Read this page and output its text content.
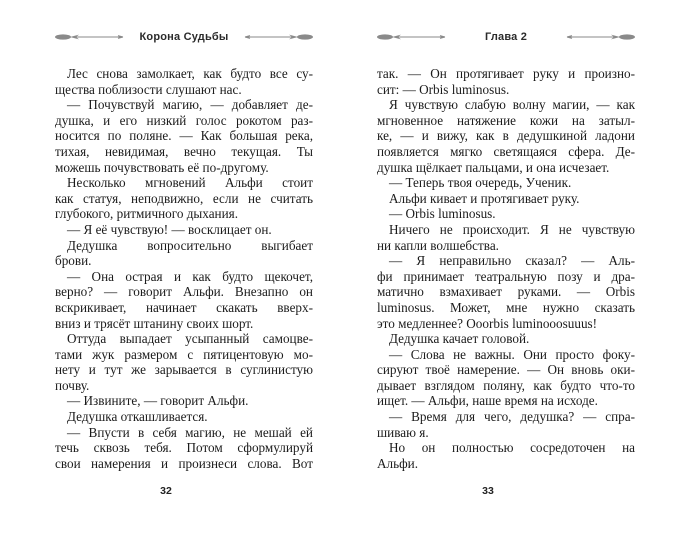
Корона Судьбы
Лес снова замолкает, как будто все су-
щества поблизости слушают нас.
— Почувствуй магию, — добавляет де-
душка, и его низкий голос рокотом раз-
носится по поляне. — Как большая река,
тихая, невидимая, вечно текущая. Ты
можешь почувствовать её по-другому.
Несколько мгновений Альфи стоит
как статуя, неподвижно, если не считать
глубокого, ритмичного дыхания.
— Я её чувствую! — восклицает он.
Дедушка вопросительно выгибает
брови.
— Она острая и как будто щекочет,
верно? — говорит Альфи. Внезапно он
вскрикивает, начинает скакать вверх-
вниз и трясёт штанину своих шорт.
Оттуда выпадает усыпанный самоцве-
тами жук размером с пятицентовую мо-
нету и тут же зарывается в суглинистую
почву.
— Извините, — говорит Альфи.
Дедушка откашливается.
— Впусти в себя магию, не мешай ей
течь сквозь тебя. Потом сформулируй
свои намерения и произнеси слова. Вот
32
Глава 2
так. — Он протягивает руку и произно-
сит: — Orbis luminosus.
Я чувствую слабую волну магии, — как
мгновенное натяжение кожи на затыл-
ке, — и вижу, как в дедушкиной ладони
появляется мягко светящаяся сфера. Де-
душка щёлкает пальцами, и она исчезает.
— Теперь твоя очередь, Ученик.
Альфи кивает и протягивает руку.
— Orbis luminosus.
Ничего не происходит. Я не чувствую
ни капли волшебства.
— Я неправильно сказал? — Аль-
фи принимает театральную позу и дра-
матично взмахивает руками. — Orbis
luminosus. Может, мне нужно сказать
это медленнее? Ooorbis luminooosuuus!
Дедушка качает головой.
— Слова не важны. Они просто фоку-
сируют твоё намерение. — Он вновь оки-
дывает взглядом поляну, как будто что-то
ищет. — Альфи, наше время на исходе.
— Время для чего, дедушка? — спра-
шиваю я.
Но он полностью сосредоточен на
Альфи.
33
